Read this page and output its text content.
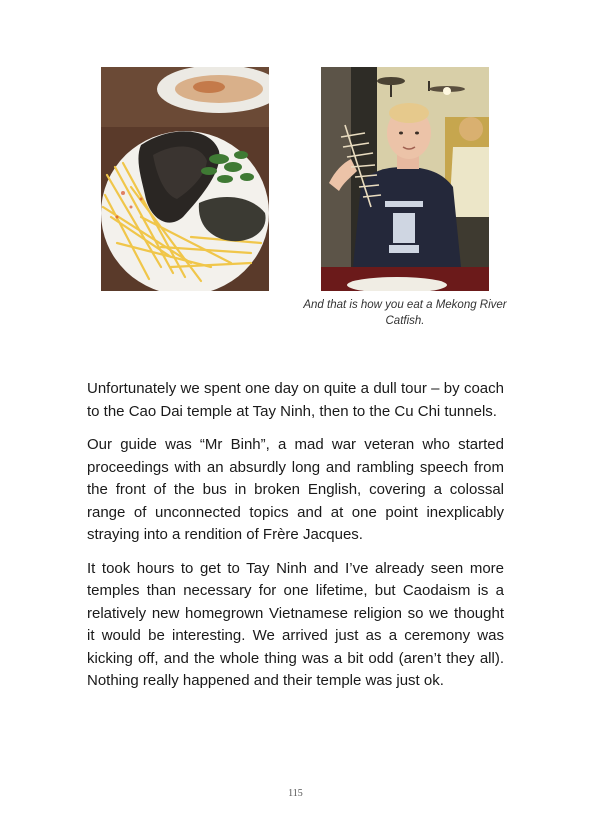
And that is how you eat a Mekong River Catfish.

Unfortunately we spent one day on quite a dull tour – by coach to the Cao Dai temple at Tay Ninh, then to the Cu Chi tunnels.

Our guide was “Mr Binh”, a mad war veteran who started proceedings with an absurdly long and rambling speech from the front of the bus in broken English, covering a colossal range of unconnected topics and at one point inexplicably straying into a rendition of Frère Jacques.

It took hours to get to Tay Ninh and I’ve already seen more temples than necessary for one lifetime, but Caodaism is a relatively new homegrown Vietnamese religion so we thought it would be interesting. We arrived just as a ceremony was kicking off, and the whole thing was a bit odd (aren’t they all). Nothing really happened and their temple was just ok.

115
